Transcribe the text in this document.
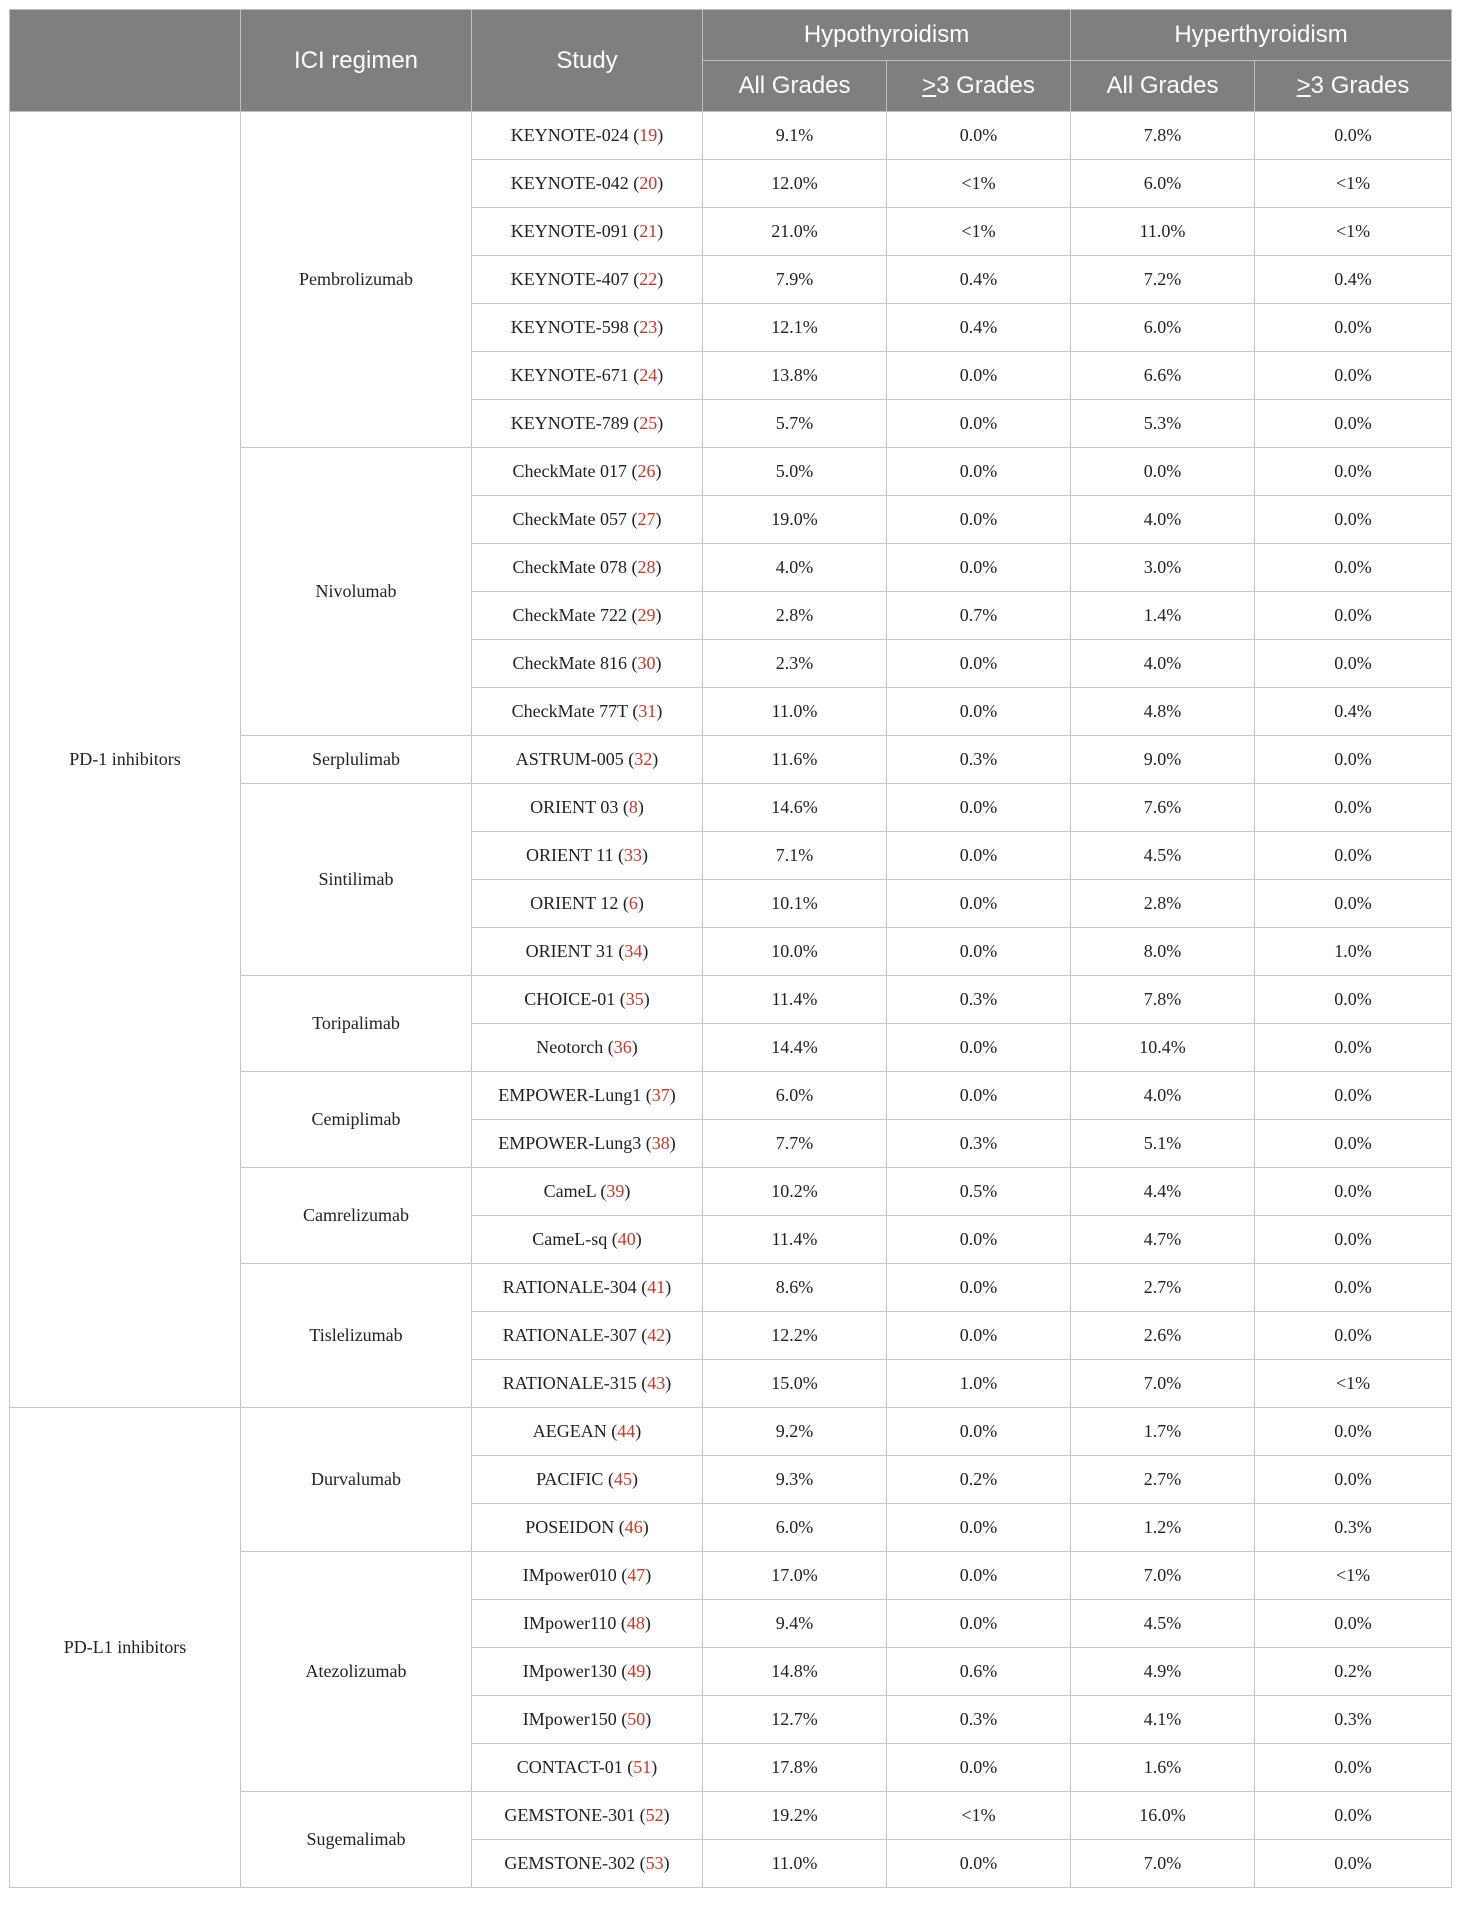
	ICI regimen	Study	Hypothyroidism		Hyperthyroidism	
			All Grades	≥3 Grades	All Grades	≥3 Grades
PD-1 inhibitors	Pembrolizumab	KEYNOTE-024 (19)	9.1%	0.0%	7.8%	0.0%
		KEYNOTE-042 (20)	12.0%	<1%	6.0%	<1%
		KEYNOTE-091 (21)	21.0%	<1%	11.0%	<1%
		KEYNOTE-407 (22)	7.9%	0.4%	7.2%	0.4%
		KEYNOTE-598 (23)	12.1%	0.4%	6.0%	0.0%
		KEYNOTE-671 (24)	13.8%	0.0%	6.6%	0.0%
		KEYNOTE-789 (25)	5.7%	0.0%	5.3%	0.0%
	Nivolumab	CheckMate 017 (26)	5.0%	0.0%	0.0%	0.0%
		CheckMate 057 (27)	19.0%	0.0%	4.0%	0.0%
		CheckMate 078 (28)	4.0%	0.0%	3.0%	0.0%
		CheckMate 722 (29)	2.8%	0.7%	1.4%	0.0%
		CheckMate 816 (30)	2.3%	0.0%	4.0%	0.0%
		CheckMate 77T (31)	11.0%	0.0%	4.8%	0.4%
	Serplulimab	ASTRUM-005 (32)	11.6%	0.3%	9.0%	0.0%
	Sintilimab	ORIENT 03 (8)	14.6%	0.0%	7.6%	0.0%
		ORIENT 11 (33)	7.1%	0.0%	4.5%	0.0%
		ORIENT 12 (6)	10.1%	0.0%	2.8%	0.0%
		ORIENT 31 (34)	10.0%	0.0%	8.0%	1.0%
	Toripalimab	CHOICE-01 (35)	11.4%	0.3%	7.8%	0.0%
		Neotorch (36)	14.4%	0.0%	10.4%	0.0%
	Cemiplimab	EMPOWER-Lung1 (37)	6.0%	0.0%	4.0%	0.0%
		EMPOWER-Lung3 (38)	7.7%	0.3%	5.1%	0.0%
	Camrelizumab	CameL (39)	10.2%	0.5%	4.4%	0.0%
		CameL-sq (40)	11.4%	0.0%	4.7%	0.0%
	Tislelizumab	RATIONALE-304 (41)	8.6%	0.0%	2.7%	0.0%
		RATIONALE-307 (42)	12.2%	0.0%	2.6%	0.0%
		RATIONALE-315 (43)	15.0%	1.0%	7.0%	<1%
PD-L1 inhibitors	Durvalumab	AEGEAN (44)	9.2%	0.0%	1.7%	0.0%
		PACIFIC (45)	9.3%	0.2%	2.7%	0.0%
		POSEIDON (46)	6.0%	0.0%	1.2%	0.3%
	Atezolizumab	IMpower010 (47)	17.0%	0.0%	7.0%	<1%
		IMpower110 (48)	9.4%	0.0%	4.5%	0.0%
		IMpower130 (49)	14.8%	0.6%	4.9%	0.2%
		IMpower150 (50)	12.7%	0.3%	4.1%	0.3%
		CONTACT-01 (51)	17.8%	0.0%	1.6%	0.0%
	Sugemalimab	GEMSTONE-301 (52)	19.2%	<1%	16.0%	0.0%
		GEMSTONE-302 (53)	11.0%	0.0%	7.0%	0.0%
